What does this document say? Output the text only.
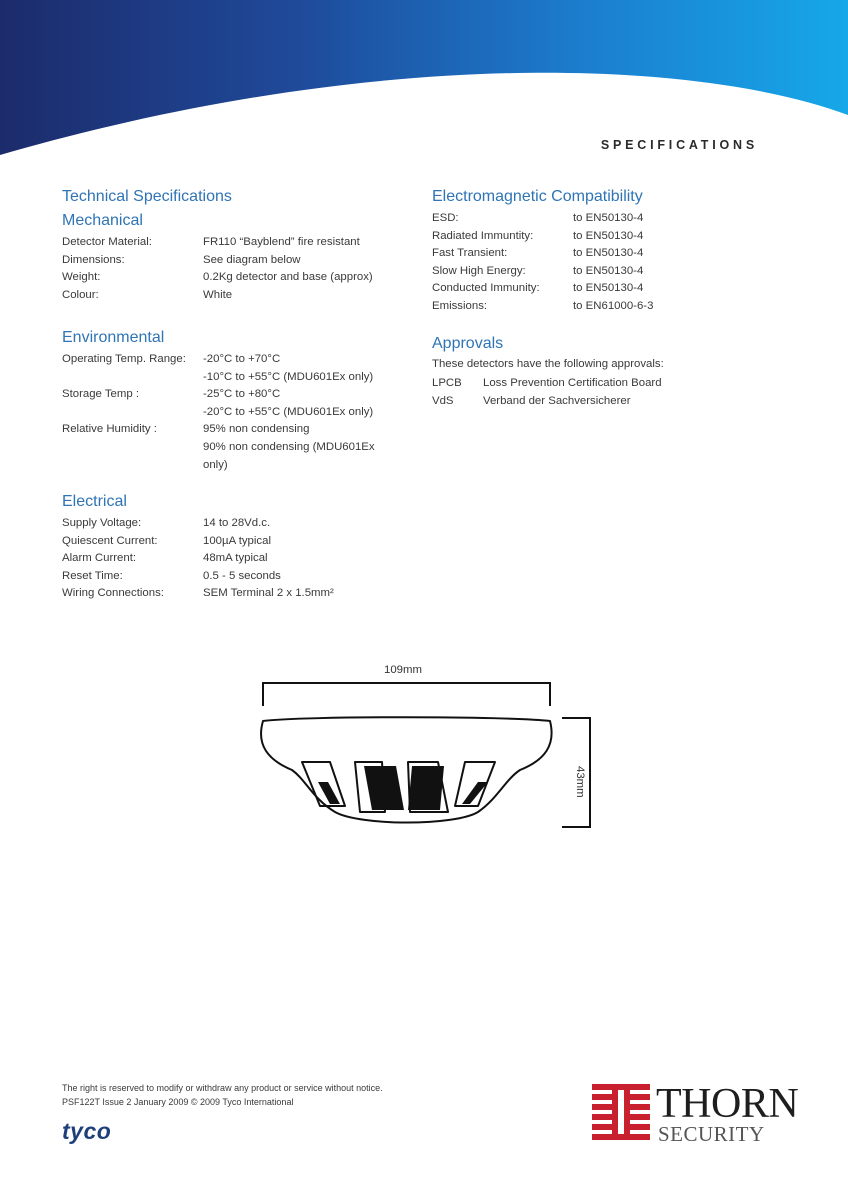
SPECIFICATIONS
Technical Specifications
Mechanical
Detector Material:	FR110 “Bayblend” fire resistant
Dimensions:	See diagram below
Weight:	0.2Kg detector and base (approx)
Colour:	White
Environmental
Operating Temp. Range: -20°C to +70°C
-10°C to +55°C (MDU601Ex only)
Storage Temp :	-25°C to +80°C
-20°C to +55°C (MDU601Ex only)
Relative Humidity :	95% non condensing
90% non condensing (MDU601Ex
only)
Electrical
Supply Voltage:	14 to 28Vd.c.
Quiescent Current:	100µA typical
Alarm Current:	48mA typical
Reset Time:	0.5 - 5 seconds
Wiring Connections:	SEM Terminal 2 x 1.5mm²
Electromagnetic Compatibility
ESD:	to EN50130-4
Radiated Immuntity:	to EN50130-4
Fast Transient:	to EN50130-4
Slow High Energy:	to EN50130-4
Conducted Immunity:	to EN50130-4
Emissions:	to EN61000-6-3
Approvals
These detectors have the following approvals:
LPCB Loss Prevention Certification Board
VdS	Verband der Sachversicherer
109mm
43mm
The right is reserved to modify or withdraw any product or service without notice.
PSF122T Issue 2 January 2009 © 2009 Tyco International
tyco
THORN
SECURITY
